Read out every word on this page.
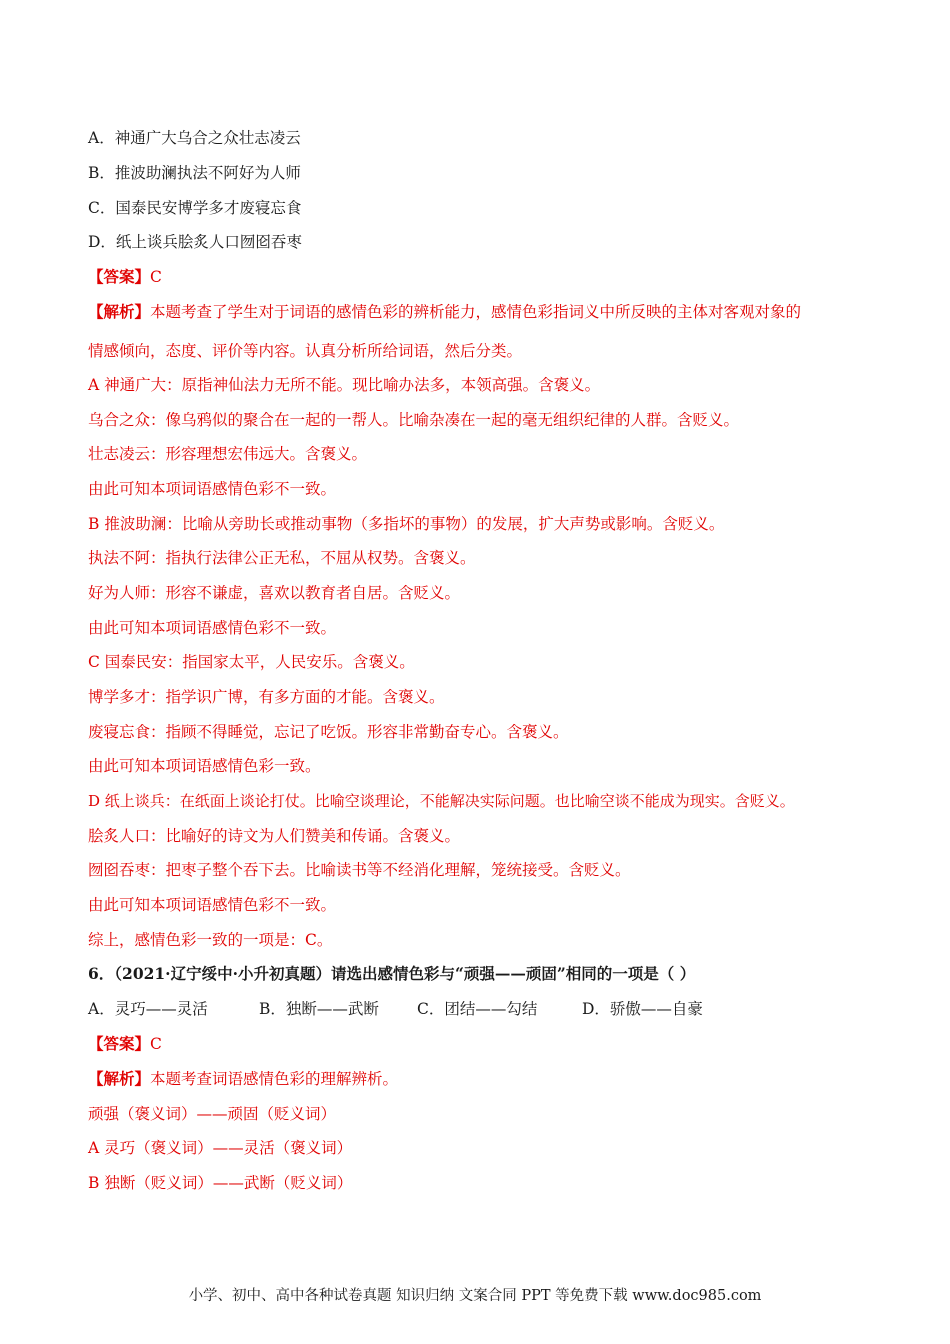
A．神通广大乌合之众壮志凌云
B．推波助澜执法不阿好为人师
C．国泰民安博学多才废寝忘食
D．纸上谈兵脍炙人口囫囵吞枣
【答案】C
【解析】本题考查了学生对于词语的感情色彩的辨析能力，感情色彩指词义中所反映的主体对客观对象的
情感倾向，态度、评价等内容。认真分析所给词语，然后分类。
A 神通广大：原指神仙法力无所不能。现比喻办法多，本领高强。含褒义。
乌合之众：像乌鸦似的聚合在一起的一帮人。比喻杂凑在一起的毫无组织纪律的人群。含贬义。
壮志凌云：形容理想宏伟远大。含褒义。
由此可知本项词语感情色彩不一致。
B 推波助澜：比喻从旁助长或推动事物（多指坏的事物）的发展，扩大声势或影响。含贬义。
执法不阿：指执行法律公正无私，不屈从权势。含褒义。
好为人师：形容不谦虚，喜欢以教育者自居。含贬义。
由此可知本项词语感情色彩不一致。
C 国泰民安：指国家太平，人民安乐。含褒义。
博学多才：指学识广博，有多方面的才能。含褒义。
废寝忘食：指顾不得睡觉，忘记了吃饭。形容非常勤奋专心。含褒义。
由此可知本项词语感情色彩一致。
D 纸上谈兵：在纸面上谈论打仗。比喻空谈理论，不能解决实际问题。也比喻空谈不能成为现实。含贬义。
脍炙人口：比喻好的诗文为人们赞美和传诵。含褒义。
囫囵吞枣：把枣子整个吞下去。比喻读书等不经消化理解，笼统接受。含贬义。
由此可知本项词语感情色彩不一致。
综上，感情色彩一致的一项是：C。
6．（2021·辽宁绥中·小升初真题）请选出感情色彩与“顽强——顽固”相同的一项是（ ）
A．灵巧——灵活	B．独断——武断 C．团结——勾结	D．骄傲——自豪
【答案】C
【解析】本题考查词语感情色彩的理解辨析。
顽强（褒义词）——顽固（贬义词）
A 灵巧（褒义词）——灵活（褒义词）
B 独断（贬义词）——武断（贬义词）
小学、初中、高中各种试卷真题 知识归纳 文案合同 PPT 等免费下载 www.doc985.com
